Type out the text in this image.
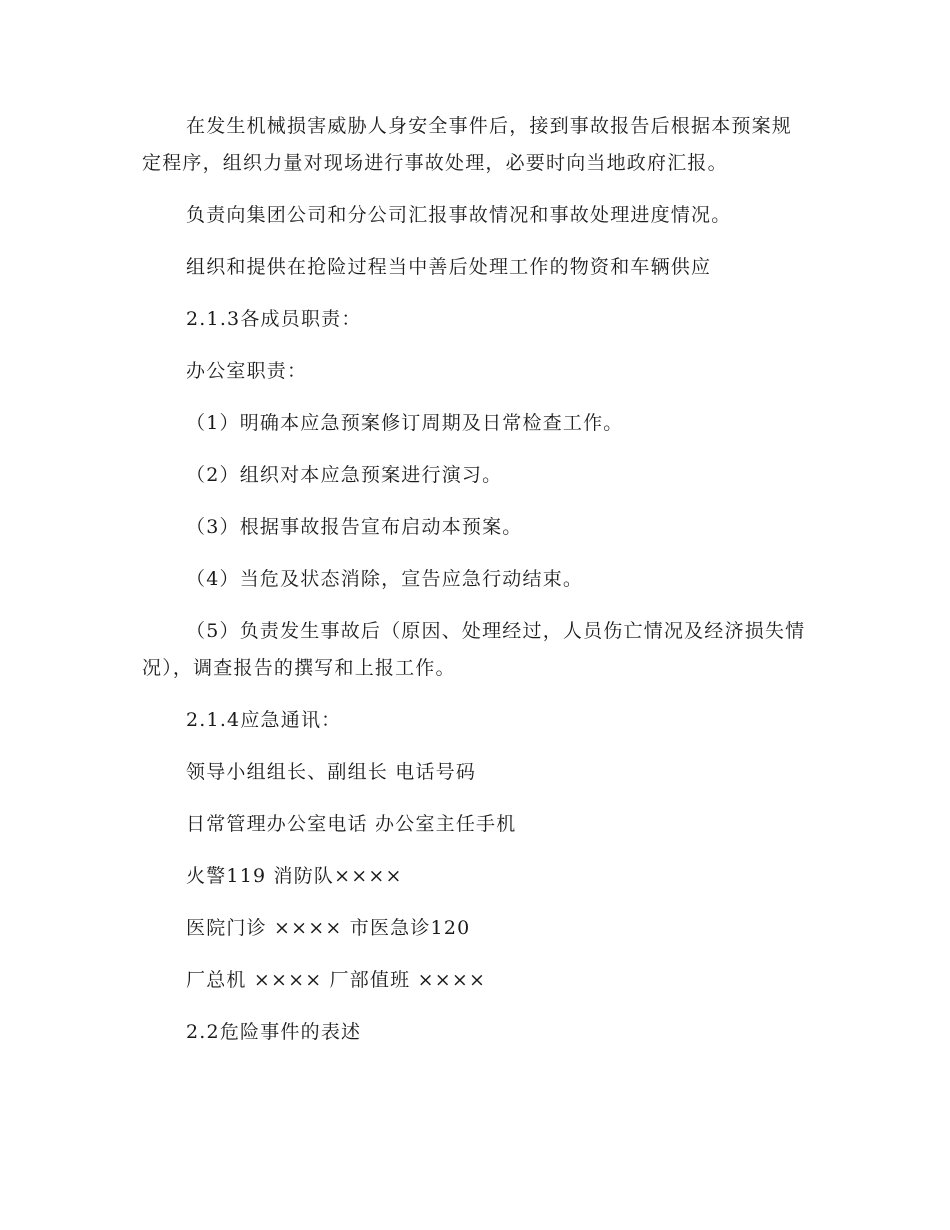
在发生机械损害威胁人身安全事件后，接到事故报告后根据本预案规定程序，组织力量对现场进行事故处理，必要时向当地政府汇报。

负责向集团公司和分公司汇报事故情况和事故处理进度情况。

组织和提供在抢险过程当中善后处理工作的物资和车辆供应

2.1.3各成员职责：

办公室职责：

（1）明确本应急预案修订周期及日常检查工作。

（2）组织对本应急预案进行演习。

（3）根据事故报告宣布启动本预案。

（4）当危及状态消除，宣告应急行动结束。

（5）负责发生事故后（原因、处理经过，人员伤亡情况及经济损失情况），调查报告的撰写和上报工作。

2.1.4应急通讯：

领导小组组长、副组长 电话号码

日常管理办公室电话 办公室主任手机

火警119 消防队××××

医院门诊 ×××× 市医急诊120

厂总机 ×××× 厂部值班 ××××

2.2危险事件的表述
